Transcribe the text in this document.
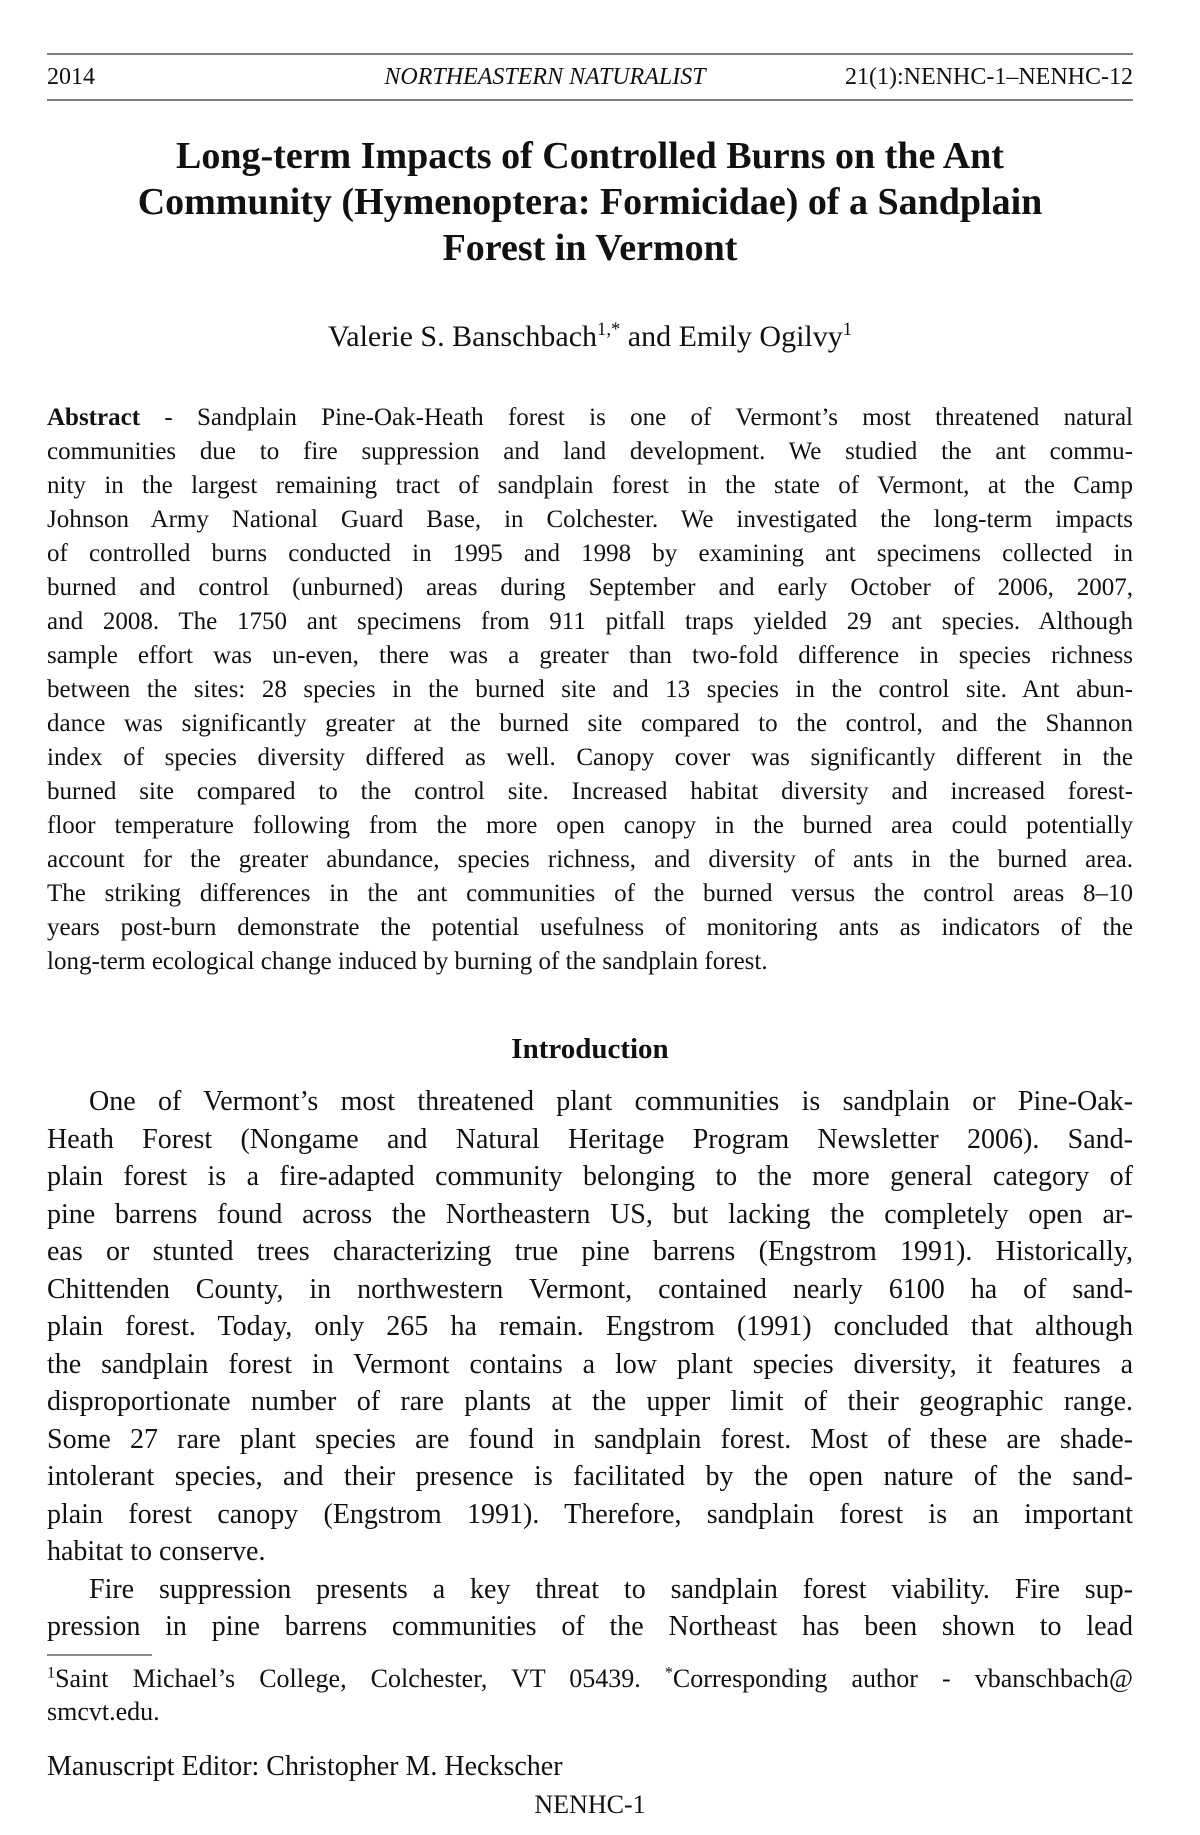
2014	NORTHEASTERN NATURALIST	21(1):NENHC-1–NENHC-12
Long-term Impacts of Controlled Burns on the Ant
Community (Hymenoptera: Formicidae) of a Sandplain
Forest in Vermont
Valerie S. Banschbach$^{1,*}$ and Emily Ogilvy$^1$
Abstract - Sandplain Pine-Oak-Heath forest is one of Vermont’s most threatened natural
communities due to fire suppression and land development. We studied the ant commu-
nity in the largest remaining tract of sandplain forest in the state of Vermont, at the Camp
Johnson Army National Guard Base, in Colchester. We investigated the long-term impacts
of controlled burns conducted in 1995 and 1998 by examining ant specimens collected in
burned and control (unburned) areas during September and early October of 2006, 2007,
and 2008. The 1750 ant specimens from 911 pitfall traps yielded 29 ant species. Although
sample effort was un-even, there was a greater than two-fold difference in species richness
between the sites: 28 species in the burned site and 13 species in the control site. Ant abun-
dance was significantly greater at the burned site compared to the control, and the Shannon
index of species diversity differed as well. Canopy cover was significantly different in the
burned site compared to the control site. Increased habitat diversity and increased forest-
floor temperature following from the more open canopy in the burned area could potentially
account for the greater abundance, species richness, and diversity of ants in the burned area.
The striking differences in the ant communities of the burned versus the control areas 8–10
years post-burn demonstrate the potential usefulness of monitoring ants as indicators of the
long-term ecological change induced by burning of the sandplain forest.
Introduction
One of Vermont’s most threatened plant communities is sandplain or Pine-Oak-
Heath Forest (Nongame and Natural Heritage Program Newsletter 2006). Sand-
plain forest is a fire-adapted community belonging to the more general category of
pine barrens found across the Northeastern US, but lacking the completely open ar-
eas or stunted trees characterizing true pine barrens (Engstrom 1991). Historically,
Chittenden County, in northwestern Vermont, contained nearly 6100 ha of sand-
plain forest. Today, only 265 ha remain. Engstrom (1991) concluded that although
the sandplain forest in Vermont contains a low plant species diversity, it features a
disproportionate number of rare plants at the upper limit of their geographic range.
Some 27 rare plant species are found in sandplain forest. Most of these are shade-
intolerant species, and their presence is facilitated by the open nature of the sand-
plain forest canopy (Engstrom 1991). Therefore, sandplain forest is an important
habitat to conserve.
Fire suppression presents a key threat to sandplain forest viability. Fire sup-
pression in pine barrens communities of the Northeast has been shown to lead
$^1$Saint Michael’s College, Colchester, VT 05439. *Corresponding author - vbanschbach@
smcvt.edu.
Manuscript Editor: Christopher M. Heckscher
NENHC-1
